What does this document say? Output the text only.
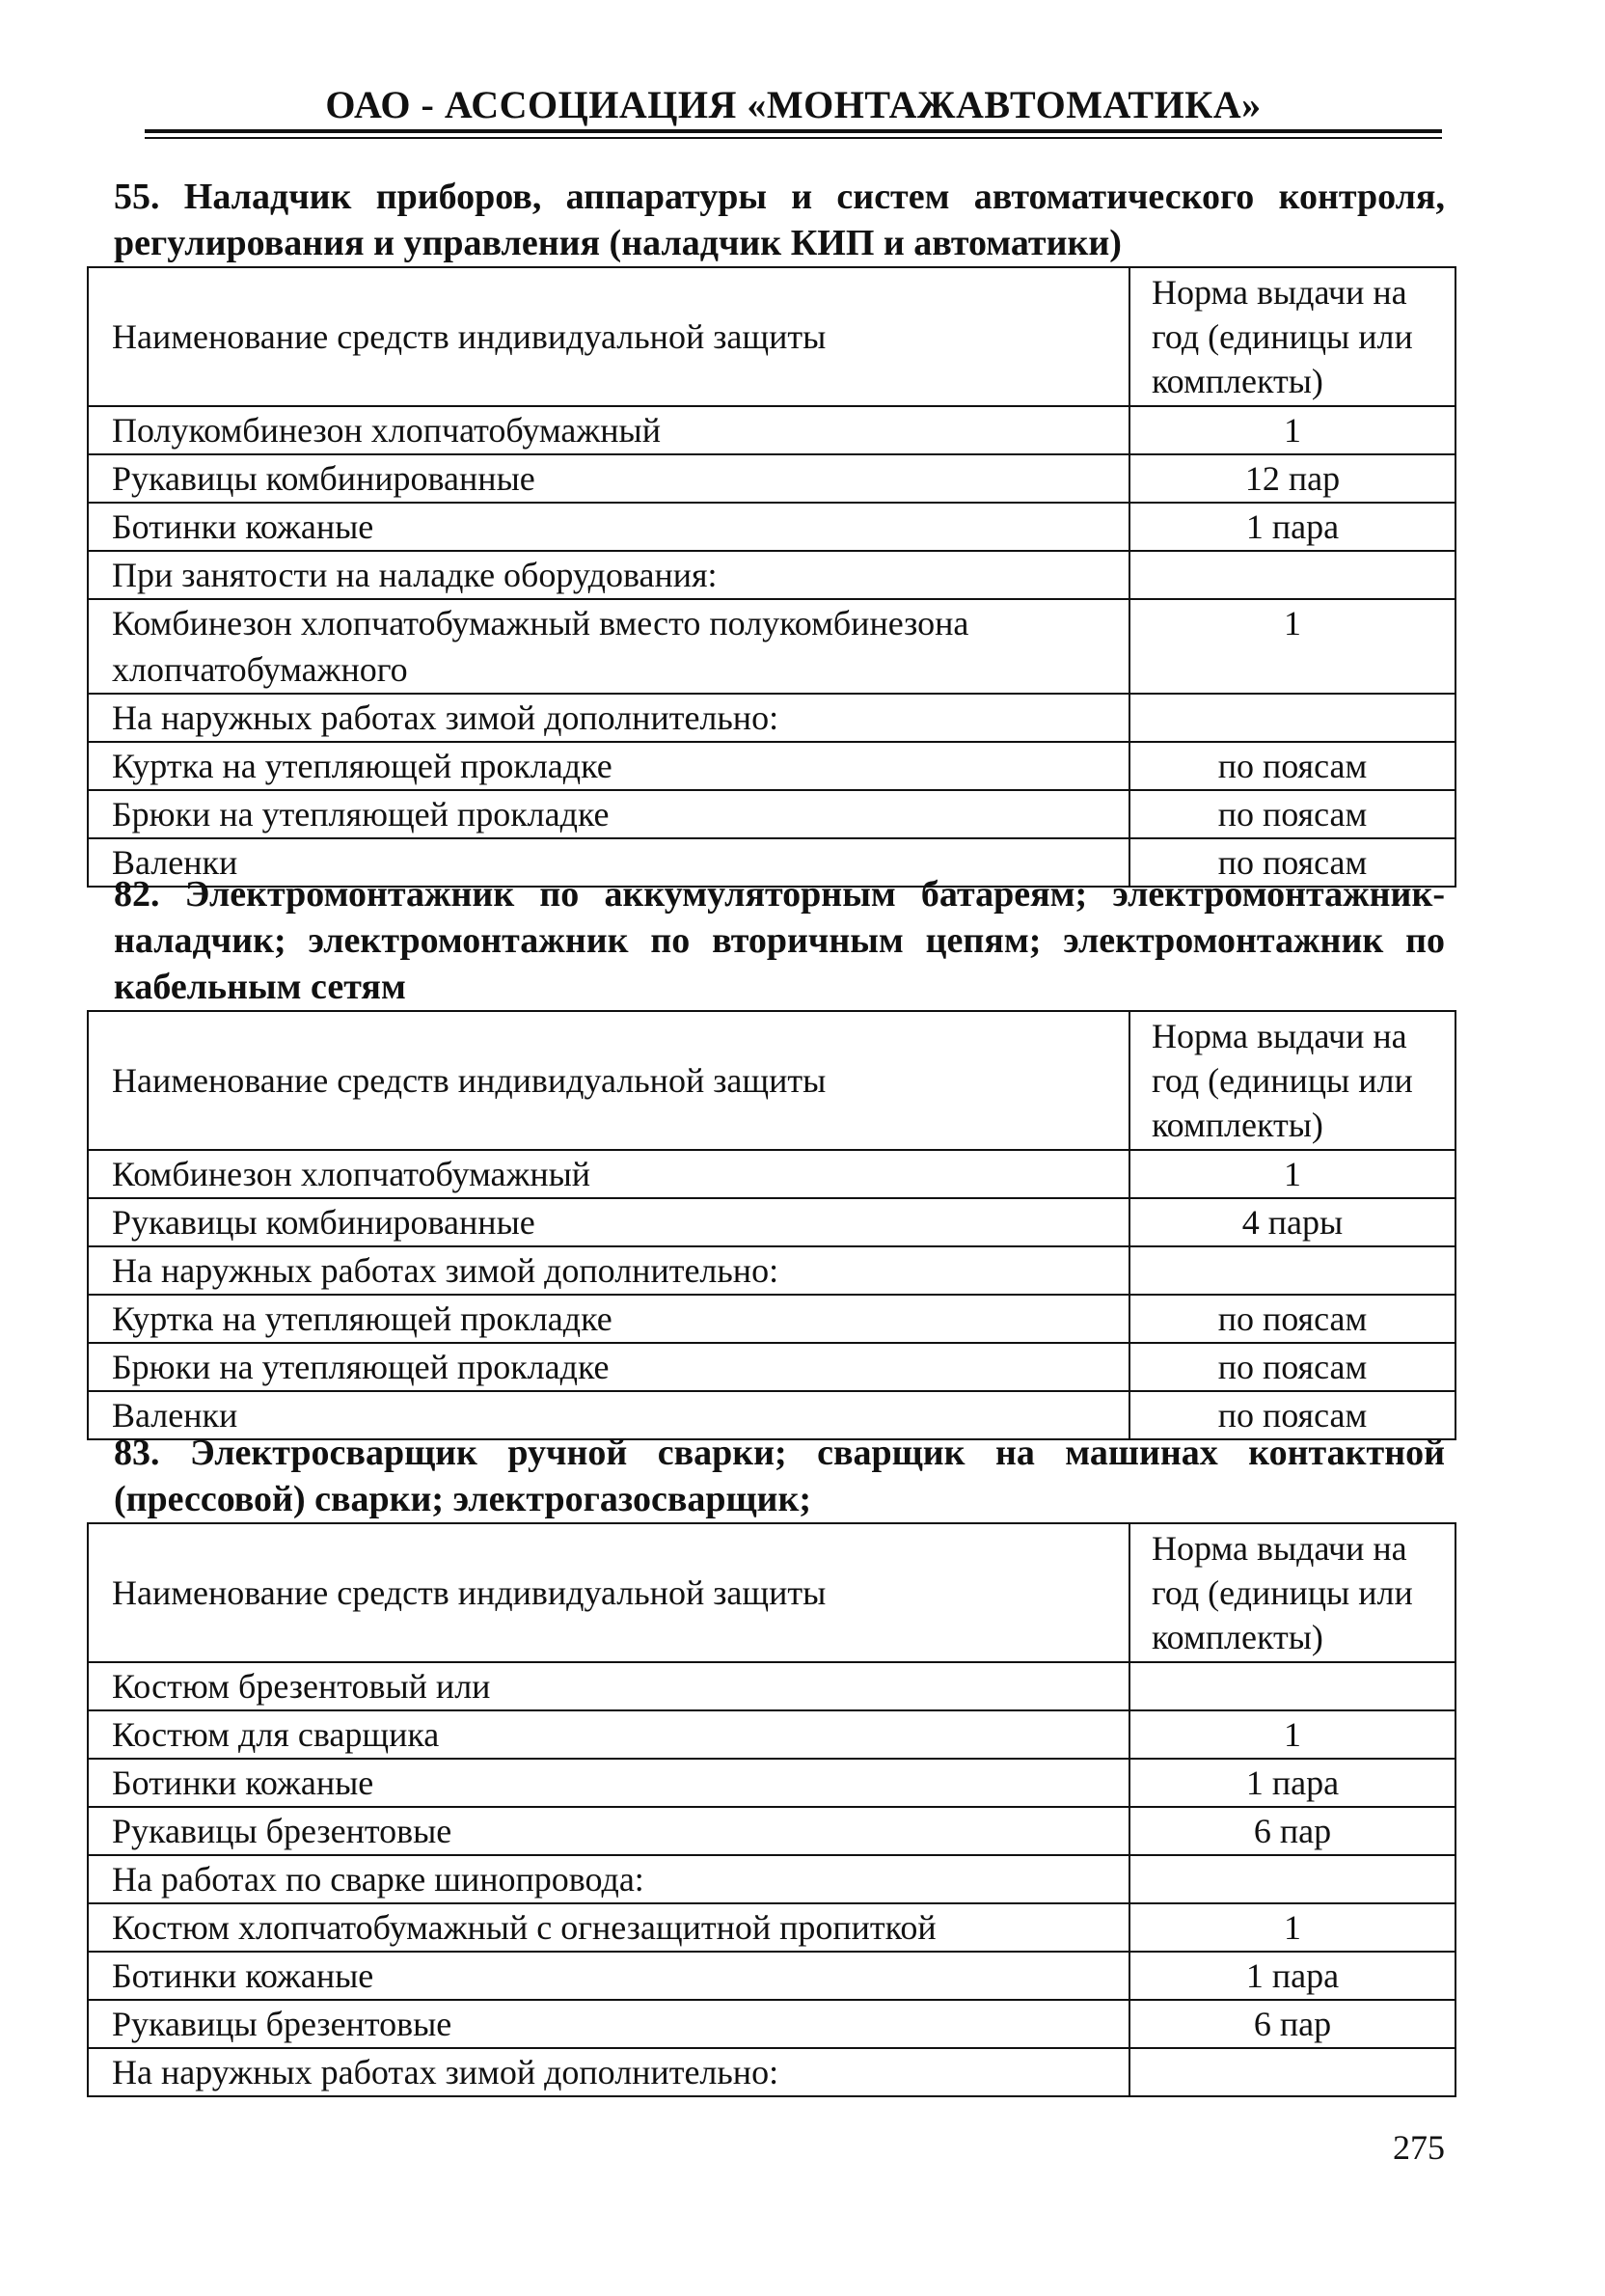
ОАО - АССОЦИАЦИЯ «МОНТАЖАВТОМАТИКА»

55. Наладчик приборов, аппаратуры и систем автоматического контроля, регулирования и управления (наладчик КИП и автоматики)

Наименование средств индивидуальной защиты	Норма выдачи на год (единицы или комплекты)
Полукомбинезон хлопчатобумажный	1
Рукавицы комбинированные	12 пар
Ботинки кожаные	1 пара
При занятости на наладке оборудования:	
Комбинезон хлопчатобумажный вместо полукомбинезона хлопчатобумажного	1
На наружных работах зимой дополнительно:	
Куртка на утепляющей прокладке	по поясам
Брюки на утепляющей прокладке	по поясам
Валенки	по поясам

82. Электромонтажник по аккумуляторным батареям; электромонтажник-наладчик; электромонтажник по вторичным цепям; электромонтажник по кабельным сетям

Наименование средств индивидуальной защиты	Норма выдачи на год (единицы или комплекты)
Комбинезон хлопчатобумажный	1
Рукавицы комбинированные	4 пары
На наружных работах зимой дополнительно:	
Куртка на утепляющей прокладке	по поясам
Брюки на утепляющей прокладке	по поясам
Валенки	по поясам

83. Электросварщик ручной сварки; сварщик на машинах контактной (прессовой) сварки; электрогазосварщик;

Наименование средств индивидуальной защиты	Норма выдачи на год (единицы или комплекты)
Костюм брезентовый или	
Костюм для сварщика	1
Ботинки кожаные	1 пара
Рукавицы брезентовые	6 пар
На работах по сварке шинопровода:	
Костюм хлопчатобумажный с огнезащитной пропиткой	1
Ботинки кожаные	1 пара
Рукавицы брезентовые	6 пар
На наружных работах зимой дополнительно:	
275
